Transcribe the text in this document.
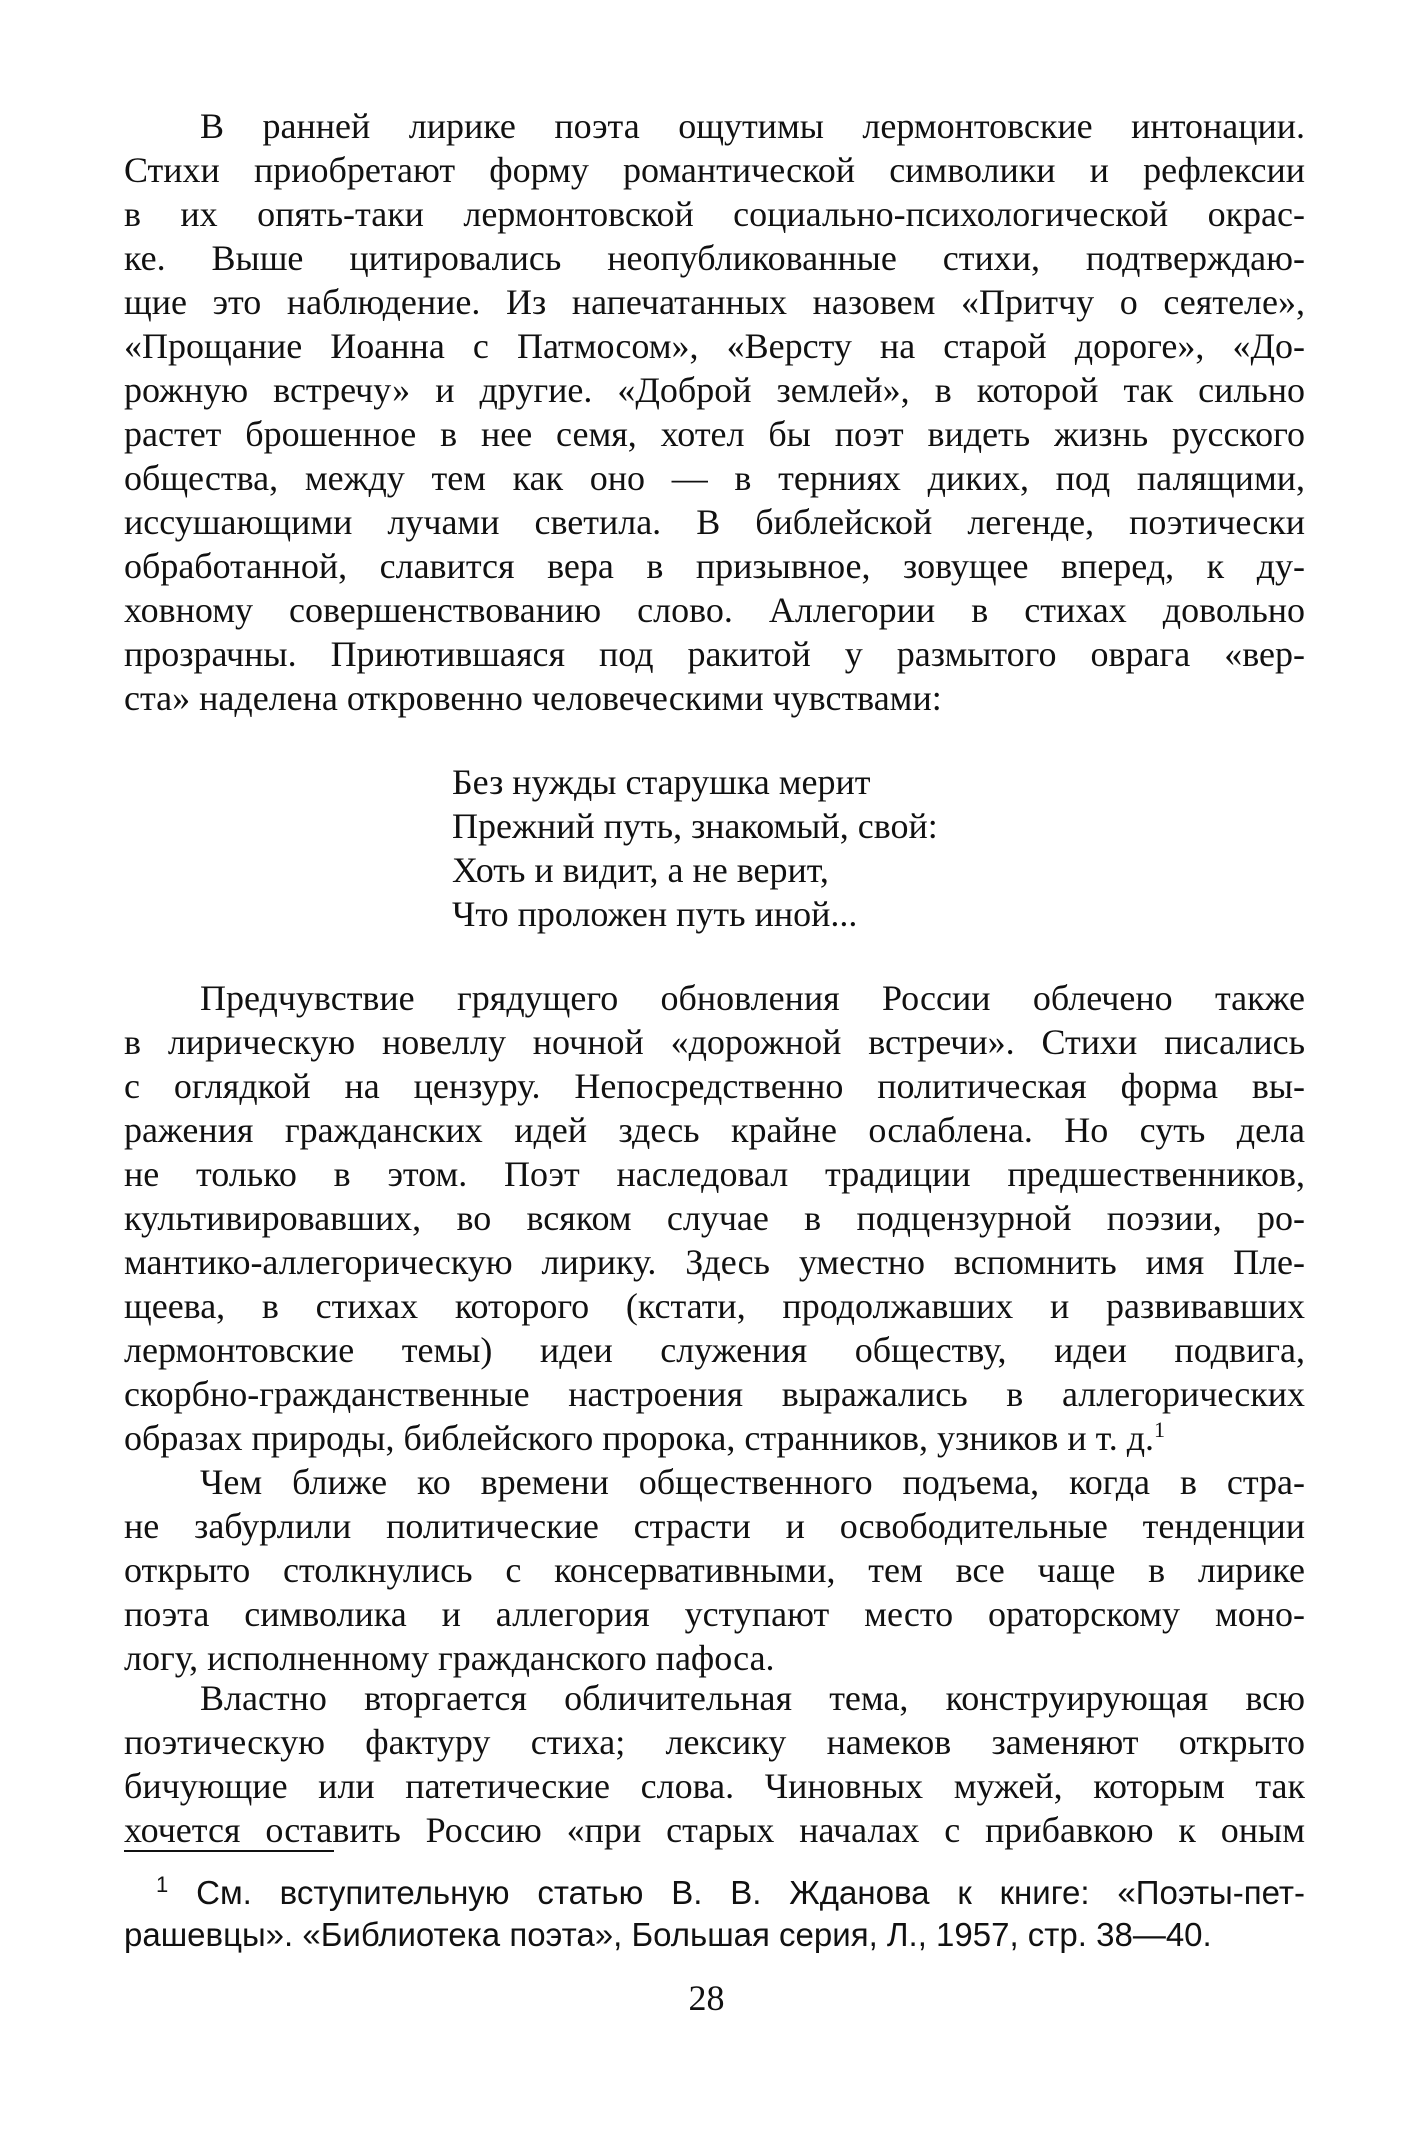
В ранней лирике поэта ощутимы лермонтовские интонации.
Стихи приобретают форму романтической символики и рефлексии
в их опять-таки лермонтовской социально-психологической окрас-
ке. Выше цитировались неопубликованные стихи, подтверждаю-
щие это наблюдение. Из напечатанных назовем «Притчу о сеятеле»,
«Прощание Иоанна с Патмосом», «Версту на старой дороге», «До-
рожную встречу» и другие. «Доброй землей», в которой так сильно
растет брошенное в нее семя, хотел бы поэт видеть жизнь русского
общества, между тем как оно — в терниях диких, под палящими,
иссушающими лучами светила. В библейской легенде, поэтически
обработанной, славится вера в призывное, зовущее вперед, к ду-
ховному совершенствованию слово. Аллегории в стихах довольно
прозрачны. Приютившаяся под ракитой у размытого оврага «вер-
ста» наделена откровенно человеческими чувствами:
Без нужды старушка мерит
Прежний путь, знакомый, свой:
Хоть и видит, а не верит,
Что проложен путь иной...
Предчувствие грядущего обновления России облечено также
в лирическую новеллу ночной «дорожной встречи». Стихи писались
с оглядкой на цензуру. Непосредственно политическая форма вы-
ражения гражданских идей здесь крайне ослаблена. Но суть дела
не только в этом. Поэт наследовал традиции предшественников,
культивировавших, во всяком случае в подцензурной поэзии, ро-
мантико-аллегорическую лирику. Здесь уместно вспомнить имя Пле-
щеева, в стихах которого (кстати, продолжавших и развивавших
лермонтовские темы) идеи служения обществу, идеи подвига,
скорбно-гражданственные настроения выражались в аллегорических
образах природы, библейского пророка, странников, узников и т. д.$^1$
Чем ближе ко времени общественного подъема, когда в стра-
не забурлили политические страсти и освободительные тенденции
открыто столкнулись с консервативными, тем все чаще в лирике
поэта символика и аллегория уступают место ораторскому моно-
логу, исполненному гражданского пафоса.
Властно вторгается обличительная тема, конструирующая всю
поэтическую фактуру стиха; лексику намеков заменяют открыто
бичующие или патетические слова. Чиновных мужей, которым так
хочется оставить Россию «при старых началах с прибавкою к оным
$^1$ См. вступительную статью В. В. Жданова к книге: «Поэты-пет-
рашевцы». «Библиотека поэта», Большая серия, Л., 1957, стр. 38—40.
28
